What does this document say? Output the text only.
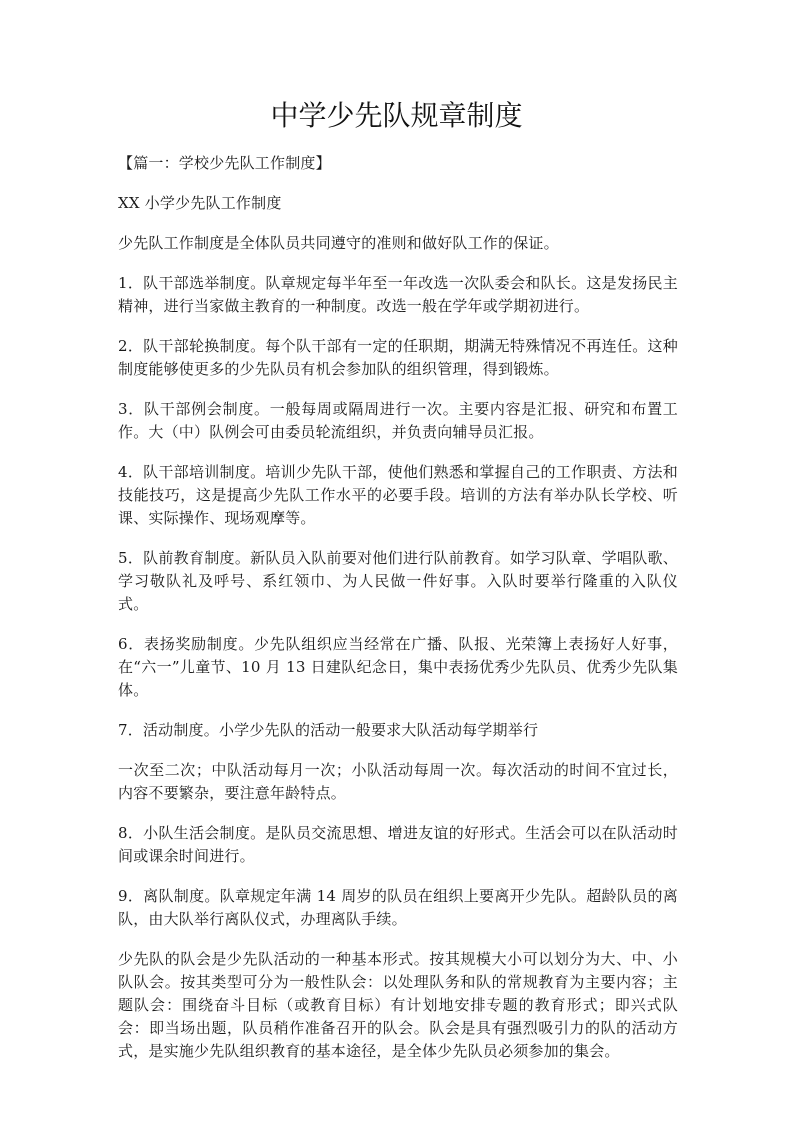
中学少先队规章制度

【篇一：学校少先队工作制度】

XX 小学少先队工作制度

少先队工作制度是全体队员共同遵守的准则和做好队工作的保证。

1．队干部选举制度。队章规定每半年至一年改选一次队委会和队长。这是发扬民主精神，进行当家做主教育的一种制度。改选一般在学年或学期初进行。

2．队干部轮换制度。每个队干部有一定的任职期，期满无特殊情况不再连任。这种制度能够使更多的少先队员有机会参加队的组织管理，得到锻炼。

3．队干部例会制度。一般每周或隔周进行一次。主要内容是汇报、研究和布置工作。大（中）队例会可由委员轮流组织，并负责向辅导员汇报。

4．队干部培训制度。培训少先队干部，使他们熟悉和掌握自己的工作职责、方法和技能技巧，这是提高少先队工作水平的必要手段。培训的方法有举办队长学校、听课、实际操作、现场观摩等。

5．队前教育制度。新队员入队前要对他们进行队前教育。如学习队章、学唱队歌、学习敬队礼及呼号、系红领巾、为人民做一件好事。入队时要举行隆重的入队仪式。

6．表扬奖励制度。少先队组织应当经常在广播、队报、光荣簿上表扬好人好事，在“六一”儿童节、10 月 13 日建队纪念日，集中表扬优秀少先队员、优秀少先队集体。

7．活动制度。小学少先队的活动一般要求大队活动每学期举行

一次至二次；中队活动每月一次；小队活动每周一次。每次活动的时间不宜过长，内容不要繁杂，要注意年龄特点。

8．小队生活会制度。是队员交流思想、增进友谊的好形式。生活会可以在队活动时间或课余时间进行。

9．离队制度。队章规定年满 14 周岁的队员在组织上要离开少先队。超龄队员的离队，由大队举行离队仪式，办理离队手续。

少先队的队会是少先队活动的一种基本形式。按其规模大小可以划分为大、中、小队队会。按其类型可分为一般性队会：以处理队务和队的常规教育为主要内容；主题队会：围绕奋斗目标（或教育目标）有计划地安排专题的教育形式；即兴式队会：即当场出题，队员稍作准备召开的队会。队会是具有强烈吸引力的队的活动方式，是实施少先队组织教育的基本途径，是全体少先队员必须参加的集会。
